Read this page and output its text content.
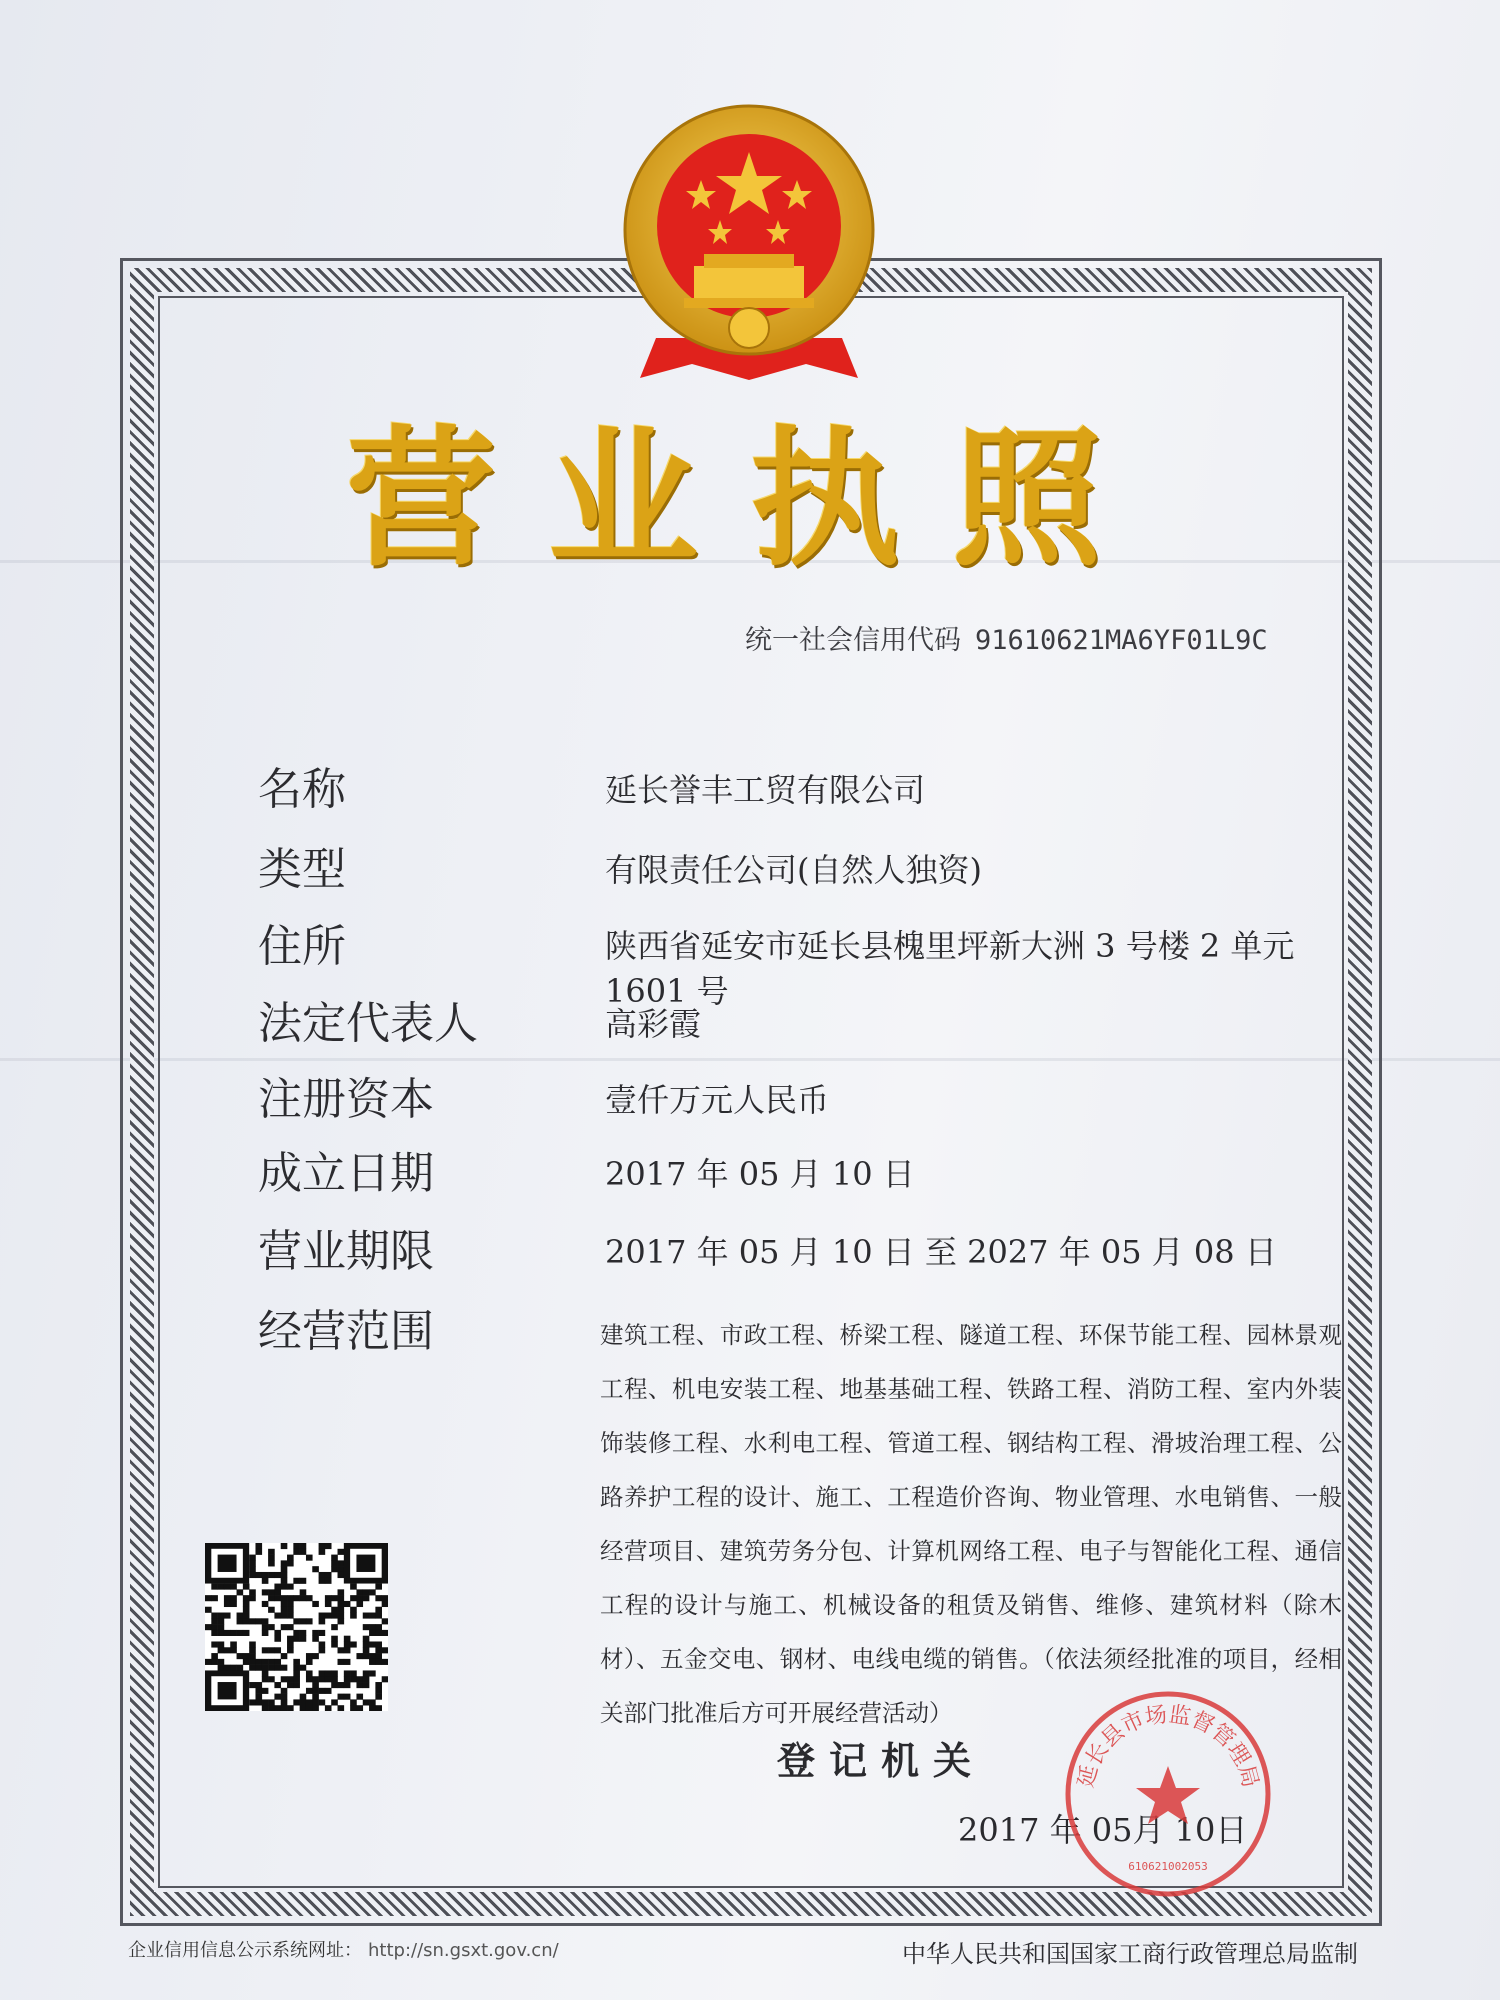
营业执照
统一社会信用代码 91610621MA6YF01L9C
名称	延长誉丰工贸有限公司
类型	有限责任公司(自然人独资)
住所	陕西省延安市延长县槐里坪新大洲 3 号楼 2 单元 1601 号
法定代表人	高彩霞
注册资本	壹仟万元人民币
成立日期	2017 年 05 月 10 日
营业期限	2017 年 05 月 10 日 至 2027 年 05 月 08 日
经营范围	建筑工程、市政工程、桥梁工程、隧道工程、环保节能工程、园林景观工程、机电安装工程、地基基础工程、铁路工程、消防工程、室内外装饰装修工程、水利电工程、管道工程、钢结构工程、滑坡治理工程、公路养护工程的设计、施工、工程造价咨询、物业管理、水电销售、一般经营项目、建筑劳务分包、计算机网络工程、电子与智能化工程、通信工程的设计与施工、机械设备的租赁及销售、维修、建筑材料（除木材）、五金交电、钢材、电线电缆的销售。（依法须经批准的项目，经相关部门批准后方可开展经营活动）
登记机关
2017 年 05月 10日
延长县市场监督管理局
610621002053
企业信用信息公示系统网址： http://sn.gsxt.gov.cn/	中华人民共和国国家工商行政管理总局监制
